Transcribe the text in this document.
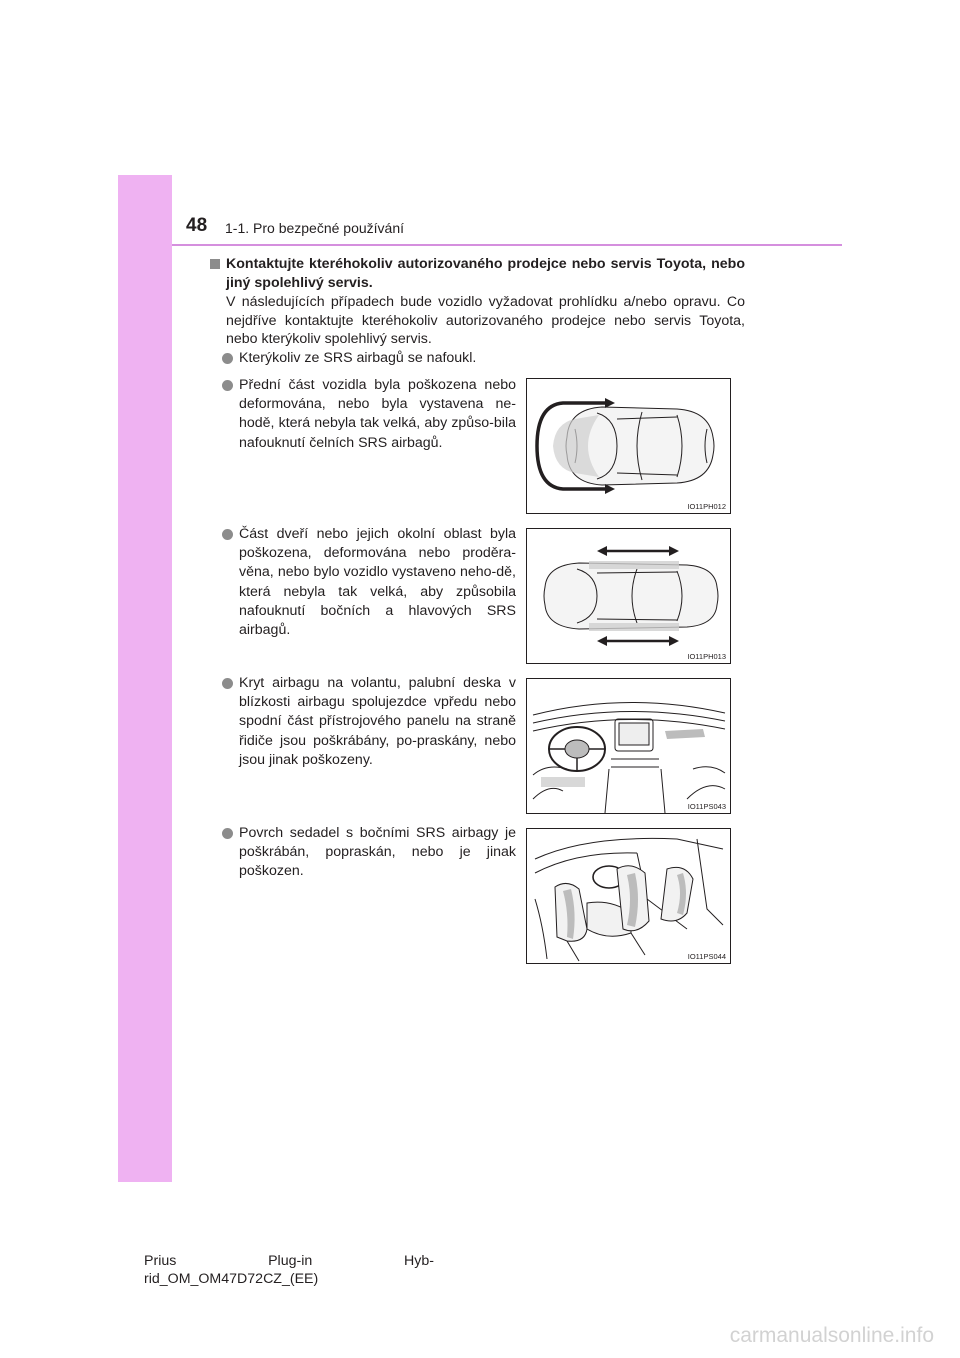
48 1-1. Pro bezpečné používání
Kontaktujte kteréhokoliv autorizovaného prodejce nebo servis Toyota, nebo jiný spolehlivý servis.
V následujících případech bude vozidlo vyžadovat prohlídku a/nebo opravu. Co nejdříve kontaktujte kteréhokoliv autorizovaného prodejce nebo servis Toyota, nebo kterýkoliv spolehlivý servis.
Kterýkoliv ze SRS airbagů se nafoukl.
Přední část vozidla byla poškozena nebo deformována, nebo byla vystavena ne-hodě, která nebyla tak velká, aby způso-bila nafouknutí čelních SRS airbagů.
Část dveří nebo jejich okolní oblast byla poškozena, deformována nebo proděra-věna, nebo bylo vozidlo vystaveno neho-dě, která nebyla tak velká, aby způsobila nafouknutí bočních a hlavových SRS airbagů.
Kryt airbagu na volantu, palubní deska v blízkosti airbagu spolujezdce vpředu nebo spodní část přístrojového panelu na straně řidiče jsou poškrábány, po-praskány, nebo jsou jinak poškozeny.
Povrch sedadel s bočními SRS airbagy je poškrábán, popraskán, nebo je jinak poškozen.
IO11PH012
IO11PH013
IO11PS043
IO11PS044
Prius	Plug-in	Hyb-
rid_OM_OM47D72CZ_(EE)
carmanualsonline.info
